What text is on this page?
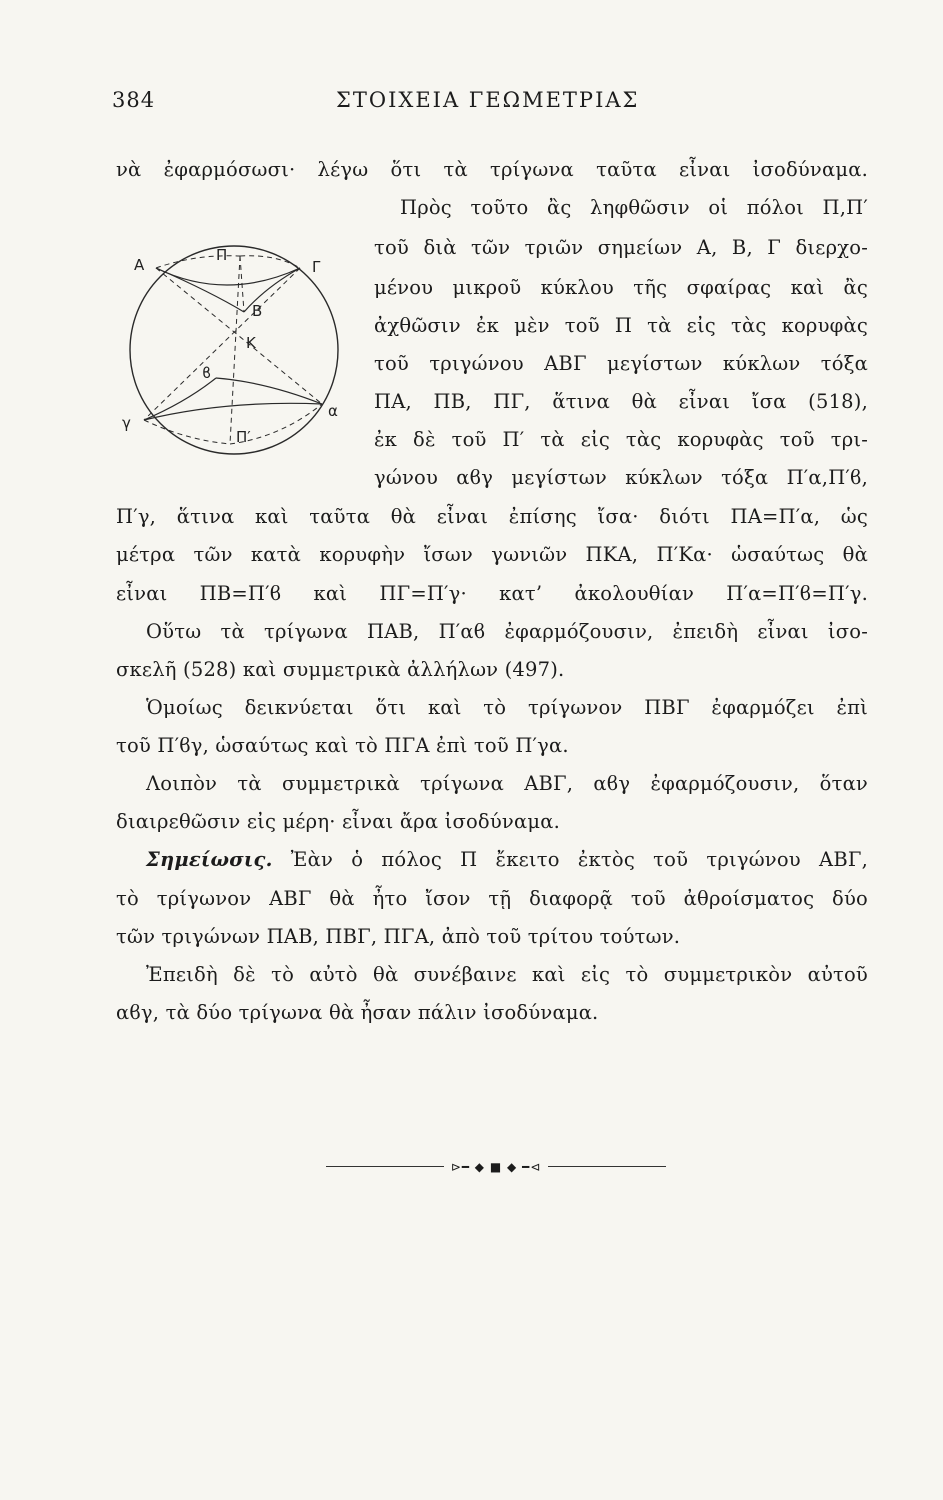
384	ΣΤΟΙΧΕΙΑ ΓΕΩΜΕΤΡΙΑΣ
A	Γ
Π
B
K
ϐ
α
γ
Π′
νὰ ἐφαρμόσωσι· λέγω ὅτι τὰ τρίγωνα ταῦτα εἶναι ἰσοδύναμα.
Πρὸς τοῦτο ἂς ληφθῶσιν οἱ πόλοι Π,Π′
τοῦ διὰ τῶν τριῶν σημείων Α, Β, Γ διερχο-
μένου μικροῦ κύκλου τῆς σφαίρας καὶ ἂς
ἀχθῶσιν ἐκ μὲν τοῦ Π τὰ εἰς τὰς κορυφὰς
τοῦ τριγώνου ΑΒΓ μεγίστων κύκλων τόξα
ΠΑ, ΠΒ, ΠΓ, ἅτινα θὰ εἶναι ἴσα (518),
ἐκ δὲ τοῦ Π′ τὰ εἰς τὰς κορυφὰς τοῦ τρι-
γώνου αϐγ μεγίστων κύκλων τόξα Π′α,Π′ϐ,
Π′γ, ἅτινα καὶ ταῦτα θὰ εἶναι ἐπίσης ἴσα· διότι ΠΑ=Π′α, ὡς
μέτρα τῶν κατὰ κορυφὴν ἴσων γωνιῶν ΠΚΑ, Π′Κα· ὡσαύτως θὰ
εἶναι ΠΒ=Π′ϐ καὶ ΠΓ=Π′γ· κατ’ ἀκολουθίαν Π′α=Π′ϐ=Π′γ.
Οὕτω τὰ τρίγωνα ΠΑΒ, Π′αϐ ἐφαρμόζουσιν, ἐπειδὴ εἶναι ἰσο-
σκελῆ (528) καὶ συμμετρικὰ ἀλλήλων (497).
Ὁμοίως δεικνύεται ὅτι καὶ τὸ τρίγωνον ΠΒΓ ἐφαρμόζει ἐπὶ
τοῦ Π′ϐγ, ὡσαύτως καὶ τὸ ΠΓΑ ἐπὶ τοῦ Π′γα.
Λοιπὸν τὰ συμμετρικὰ τρίγωνα ΑΒΓ, αϐγ ἐφαρμόζουσιν, ὅταν
διαιρεθῶσιν εἰς μέρη· εἶναι ἄρα ἰσοδύναμα.
Σημείωσις. Ἐὰν ὁ πόλος Π ἔκειτο ἐκτὸς τοῦ τριγώνου ΑΒΓ,
τὸ τρίγωνον ΑΒΓ θὰ ἦτο ἴσον τῇ διαφορᾷ τοῦ ἀθροίσματος δύο
τῶν τριγώνων ΠΑΒ, ΠΒΓ, ΠΓΑ, ἀπὸ τοῦ τρίτου τούτων.
Ἐπειδὴ δὲ τὸ αὐτὸ θὰ συνέβαινε καὶ εἰς τὸ συμμετρικὸν αὐτοῦ
αϐγ, τὰ δύο τρίγωνα θὰ ἦσαν πάλιν ἰσοδύναμα.
⊳━ ◆ ■ ◆ ━⊲
